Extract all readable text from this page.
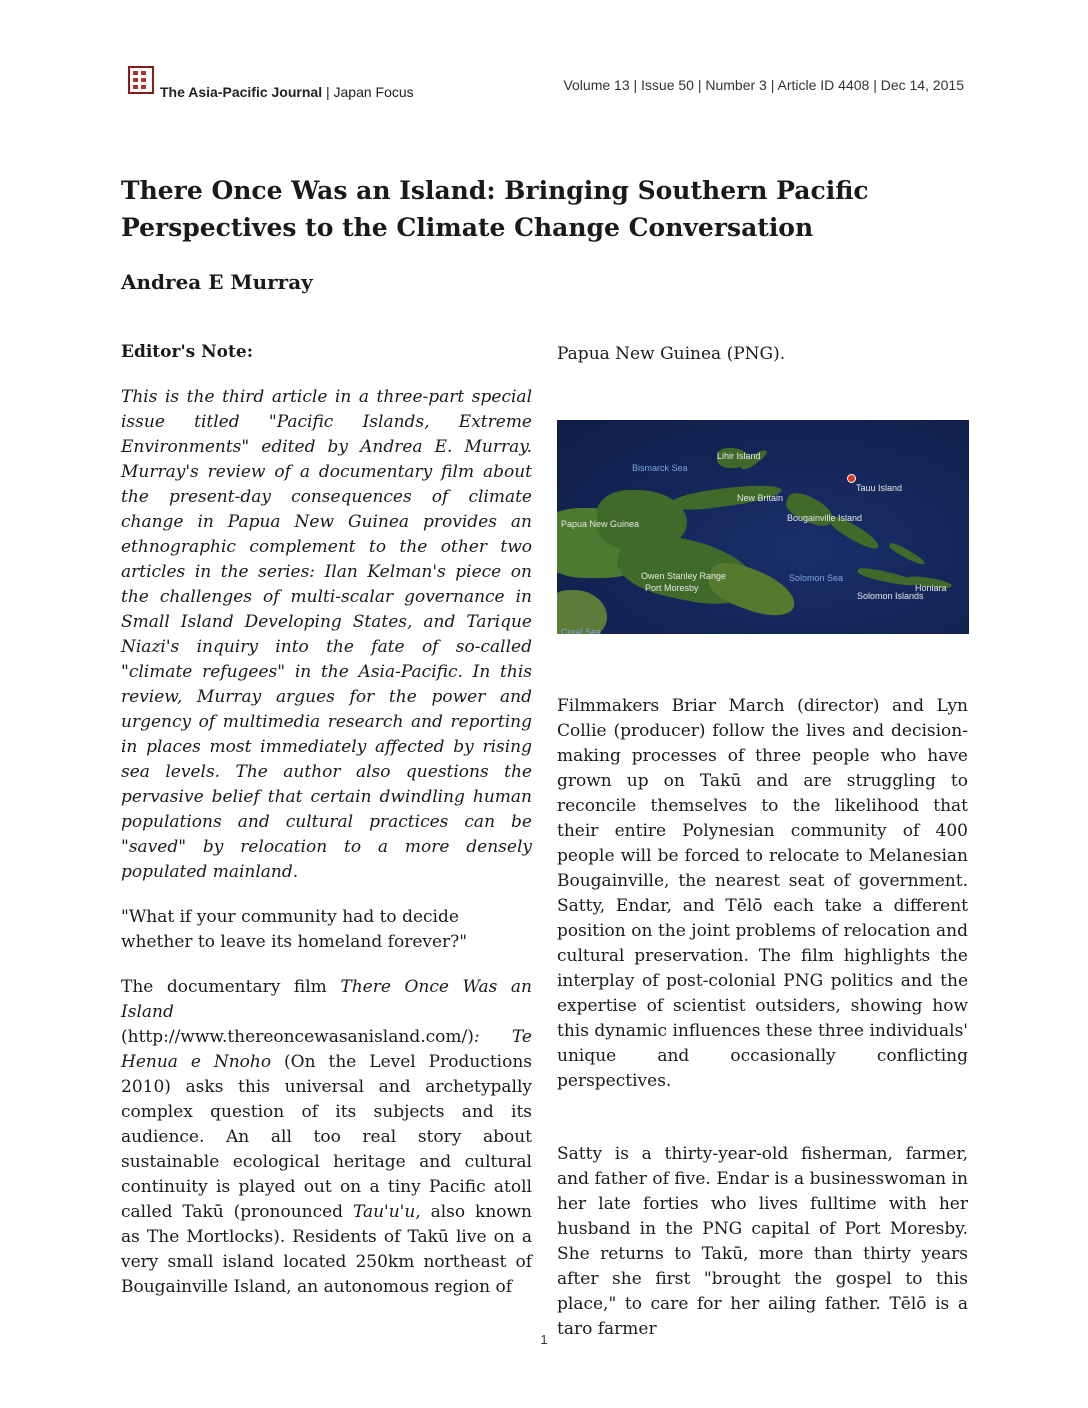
The Asia-Pacific Journal | Japan Focus	Volume 13 | Issue 50 | Number 3 | Article ID 4408 | Dec 14, 2015
There Once Was an Island: Bringing Southern Pacific Perspectives to the Climate Change Conversation
Andrea E Murray

Editor's Note:

This is the third article in a three-part special issue titled "Pacific Islands, Extreme Environments" edited by Andrea E. Murray. Murray's review of a documentary film about the present-day consequences of climate change in Papua New Guinea provides an ethnographic complement to the other two articles in the series: Ilan Kelman's piece on the challenges of multi-scalar governance in Small Island Developing States, and Tarique Niazi's inquiry into the fate of so-called "climate refugees" in the Asia-Pacific. In this review, Murray argues for the power and urgency of multimedia research and reporting in places most immediately affected by rising sea levels. The author also questions the pervasive belief that certain dwindling human populations and cultural practices can be "saved" by relocation to a more densely populated mainland.

"What if your community had to decide whether to leave its homeland forever?"

The documentary film There Once Was an Island (http://www.thereoncewasanisland.com/): Te Henua e Nnoho (On the Level Productions 2010) asks this universal and archetypally complex question of its subjects and its audience. An all too real story about sustainable ecological heritage and cultural continuity is played out on a tiny Pacific atoll called Takū (pronounced Tau'u'u, also known as The Mortlocks). Residents of Takū live on a very small island located 250km northeast of Bougainville Island, an autonomous region of

Papua New Guinea (PNG).

Bismarck Sea
Lihir Island
Tauu Island
New Britain
Bougainville Island
Papua New Guinea
Owen Stanley Range	Solomon Sea
Port Moresby
Solomon Islands
Honiara
Coral Sea

Filmmakers Briar March (director) and Lyn Collie (producer) follow the lives and decision-making processes of three people who have grown up on Takū and are struggling to reconcile themselves to the likelihood that their entire Polynesian community of 400 people will be forced to relocate to Melanesian Bougainville, the nearest seat of government. Satty, Endar, and Tēlō each take a different position on the joint problems of relocation and cultural preservation. The film highlights the interplay of post-colonial PNG politics and the expertise of scientist outsiders, showing how this dynamic influences these three individuals' unique and occasionally conflicting perspectives.

Satty is a thirty-year-old fisherman, farmer, and father of five. Endar is a businesswoman in her late forties who lives fulltime with her husband in the PNG capital of Port Moresby. She returns to Takū, more than thirty years after she first "brought the gospel to this place," to care for her ailing father. Tēlō is a taro farmer

1
